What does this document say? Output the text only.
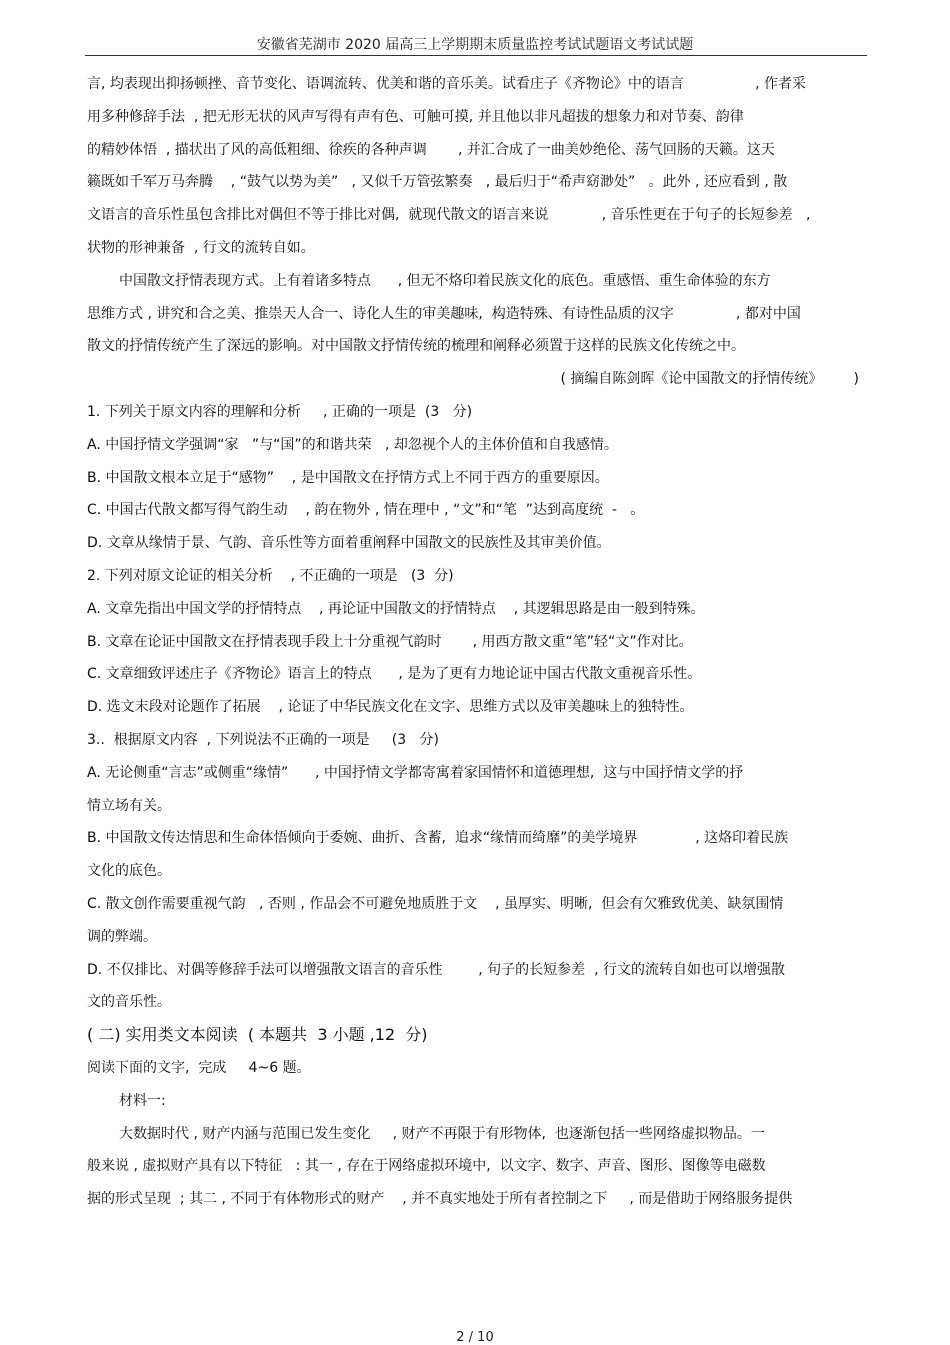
安徽省芜湖市 2020 届高三上学期期末质量监控考试试题语文考试试题
言, 均表现出抑扬顿挫、音节变化、语调流转、优美和谐的音乐美。试看庄子《齐物论》中的语言                , 作者采
用多种修辞手法  , 把无形无状的风声写得有声有色、可触可摸, 并且他以非凡超拔的想象力和对节奏、韵律
的精妙体悟  , 描状出了风的高低粗细、徐疾的各种声调       , 并汇合成了一曲美妙绝伦、荡气回肠的天籁。这天
籁既如千军万马奔腾    , “鼓气以势为美”   , 又似千万管弦繁奏   , 最后归于“希声窈渺处”   。此外 , 还应看到 , 散
文语言的音乐性虽包含排比对偶但不等于排比对偶,  就现代散文的语言来说            , 音乐性更在于句子的长短参差   ,
状物的形神兼备  , 行文的流转自如。
中国散文抒情表现方式。上有着诸多特点      , 但无不烙印着民族文化的底色。重感悟、重生命体验的东方
思维方式 , 讲究和合之美、推崇天人合一、诗化人生的审美趣味,  构造特殊、有诗性品质的汉字              , 都对中国
散文的抒情传统产生了深远的影响。对中国散文抒情传统的梳理和阐释必须置于这样的民族文化传统之中。
( 摘编自陈剑晖《论中国散文的抒情传统》       )
1. 下列关于原文内容的理解和分析     , 正确的一项是  (3   分)
A. 中国抒情文学强调“家   ”与“国”的和谐共荣   , 却忽视个人的主体价值和自我感情。
B. 中国散文根本立足于“感物”    , 是中国散文在抒情方式上不同于西方的重要原因。
C. 中国古代散文都写得气韵生动    , 韵在物外 , 情在理中 , “文”和“笔  ”达到高度统  -   。
D. 文章从缘情于景、气韵、音乐性等方面着重阐释中国散文的民族性及其审美价值。
2. 下列对原文论证的相关分析    , 不正确的一项是   (3  分)
A. 文章先指出中国文学的抒情特点    , 再论证中国散文的抒情特点    , 其逻辑思路是由一般到特殊。
B. 文章在论证中国散文在抒情表现手段上十分重视气韵时       , 用西方散文重“笔”轻“文”作对比。
C. 文章细致评述庄子《齐物论》语言上的特点      , 是为了更有力地论证中国古代散文重视音乐性。
D. 选文末段对论题作了拓展    , 论证了中华民族文化在文字、思维方式以及审美趣味上的独特性。
3..  根据原文内容  , 下列说法不正确的一项是     (3   分)
A. 无论侧重“言志”或侧重“缘情”      , 中国抒情文学都寄寓着家国情怀和道德理想,  这与中国抒情文学的抒
情立场有关。
B. 中国散文传达情思和生命体悟倾向于委婉、曲折、含蓄,  追求“缘情而绮靡”的美学境界             , 这烙印着民族
文化的底色。
C. 散文创作需要重视气韵   , 否则 , 作品会不可避免地质胜于文    , 虽厚实、明晰,  但会有欠雅致优美、缺氛围情
调的弊端。
D. 不仅排比、对偶等修辞手法可以增强散文语言的音乐性        , 句子的长短参差  , 行文的流转自如也可以增强散
文的音乐性。
( 二) 实用类文本阅读  ( 本题共  3 小题 ,12  分)
阅读下面的文字,  完成     4~6 题。
材料一:
大数据时代 , 财产内涵与范围已发生变化     , 财产不再限于有形物体,  也逐渐包括一些网络虚拟物品。一
般来说 , 虚拟财产具有以下特征   : 其一 , 存在于网络虚拟环境中,  以文字、数字、声音、图形、图像等电磁数
据的形式呈现  ; 其二 , 不同于有体物形式的财产    , 并不真实地处于所有者控制之下     , 而是借助于网络服务提供
2 / 10
